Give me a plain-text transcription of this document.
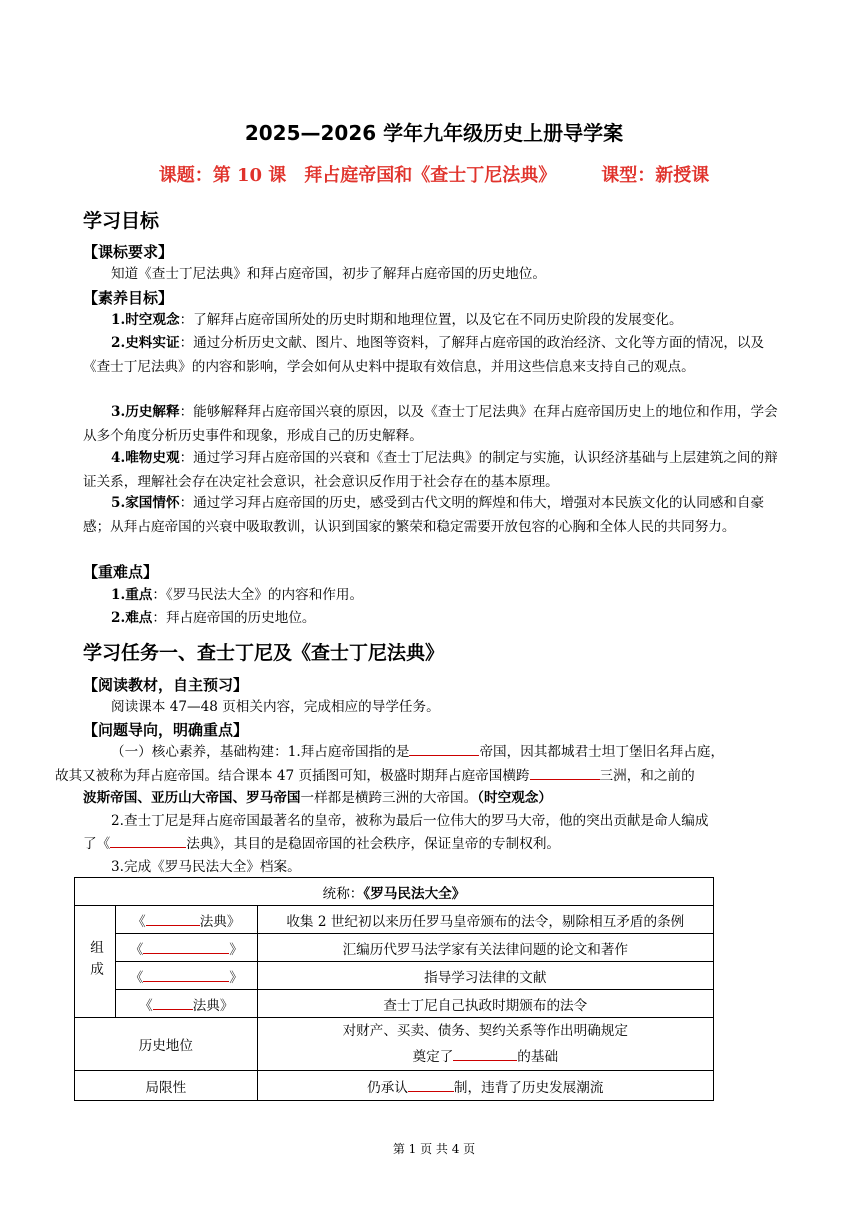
2025—2026 学年九年级历史上册导学案
课题：第 10 课　拜占庭帝国和《查士丁尼法典》　　　课型：新授课
学习目标
【课标要求】
知道《查士丁尼法典》和拜占庭帝国，初步了解拜占庭帝国的历史地位。
【素养目标】
1.时空观念：了解拜占庭帝国所处的历史时期和地理位置，以及它在不同历史阶段的发展变化。
2.史料实证：通过分析历史文献、图片、地图等资料，了解拜占庭帝国的政治经济、文化等方面的情况，以及《查士丁尼法典》的内容和影响，学会如何从史料中提取有效信息，并用这些信息来支持自己的观点。
3.历史解释：能够解释拜占庭帝国兴衰的原因，以及《查士丁尼法典》在拜占庭帝国历史上的地位和作用，学会从多个角度分析历史事件和现象，形成自己的历史解释。
4.唯物史观：通过学习拜占庭帝国的兴衰和《查士丁尼法典》的制定与实施，认识经济基础与上层建筑之间的辩证关系，理解社会存在决定社会意识，社会意识反作用于社会存在的基本原理。
5.家国情怀：通过学习拜占庭帝国的历史，感受到古代文明的辉煌和伟大，增强对本民族文化的认同感和自豪感；从拜占庭帝国的兴衰中吸取教训，认识到国家的繁荣和稳定需要开放包容的心胸和全体人民的共同努力。
【重难点】
1.重点：《罗马民法大全》的内容和作用。
2.难点：拜占庭帝国的历史地位。
学习任务一、查士丁尼及《查士丁尼法典》
【阅读教材，自主预习】
阅读课本 47—48 页相关内容，完成相应的导学任务。
【问题导向，明确重点】
（一）核心素养，基础构建：1.拜占庭帝国指的是	帝国，因其都城君士坦丁堡旧名拜占庭，
故其又被称为拜占庭帝国。结合课本 47 页插图可知，极盛时期拜占庭帝国横跨	三洲，和之前的
波斯帝国、亚历山大帝国、罗马帝国一样都是横跨三洲的大帝国。（时空观念）
2.查士丁尼是拜占庭帝国最著名的皇帝，被称为最后一位伟大的罗马大帝，他的突出贡献是命人编成
了《	法典》，其目的是稳固帝国的社会秩序，保证皇帝的专制权利。
3.完成《罗马民法大全》档案。
统称：《罗马民法大全》		
组成	《 法典》	收集 2 世纪初以来历任罗马皇帝颁布的法令，剔除相互矛盾的条例
	《 》	汇编历代罗马法学家有关法律问题的论文和著作
	《 》	指导学习法律的文献
	《 法典》	查士丁尼自己执政时期颁布的法令
历史地位		对财产、买卖、债务、契约关系等作出明确规定
奠定了 的基础
局限性		仍承认 制，违背了历史发展潮流
第 1 页 共 4 页
